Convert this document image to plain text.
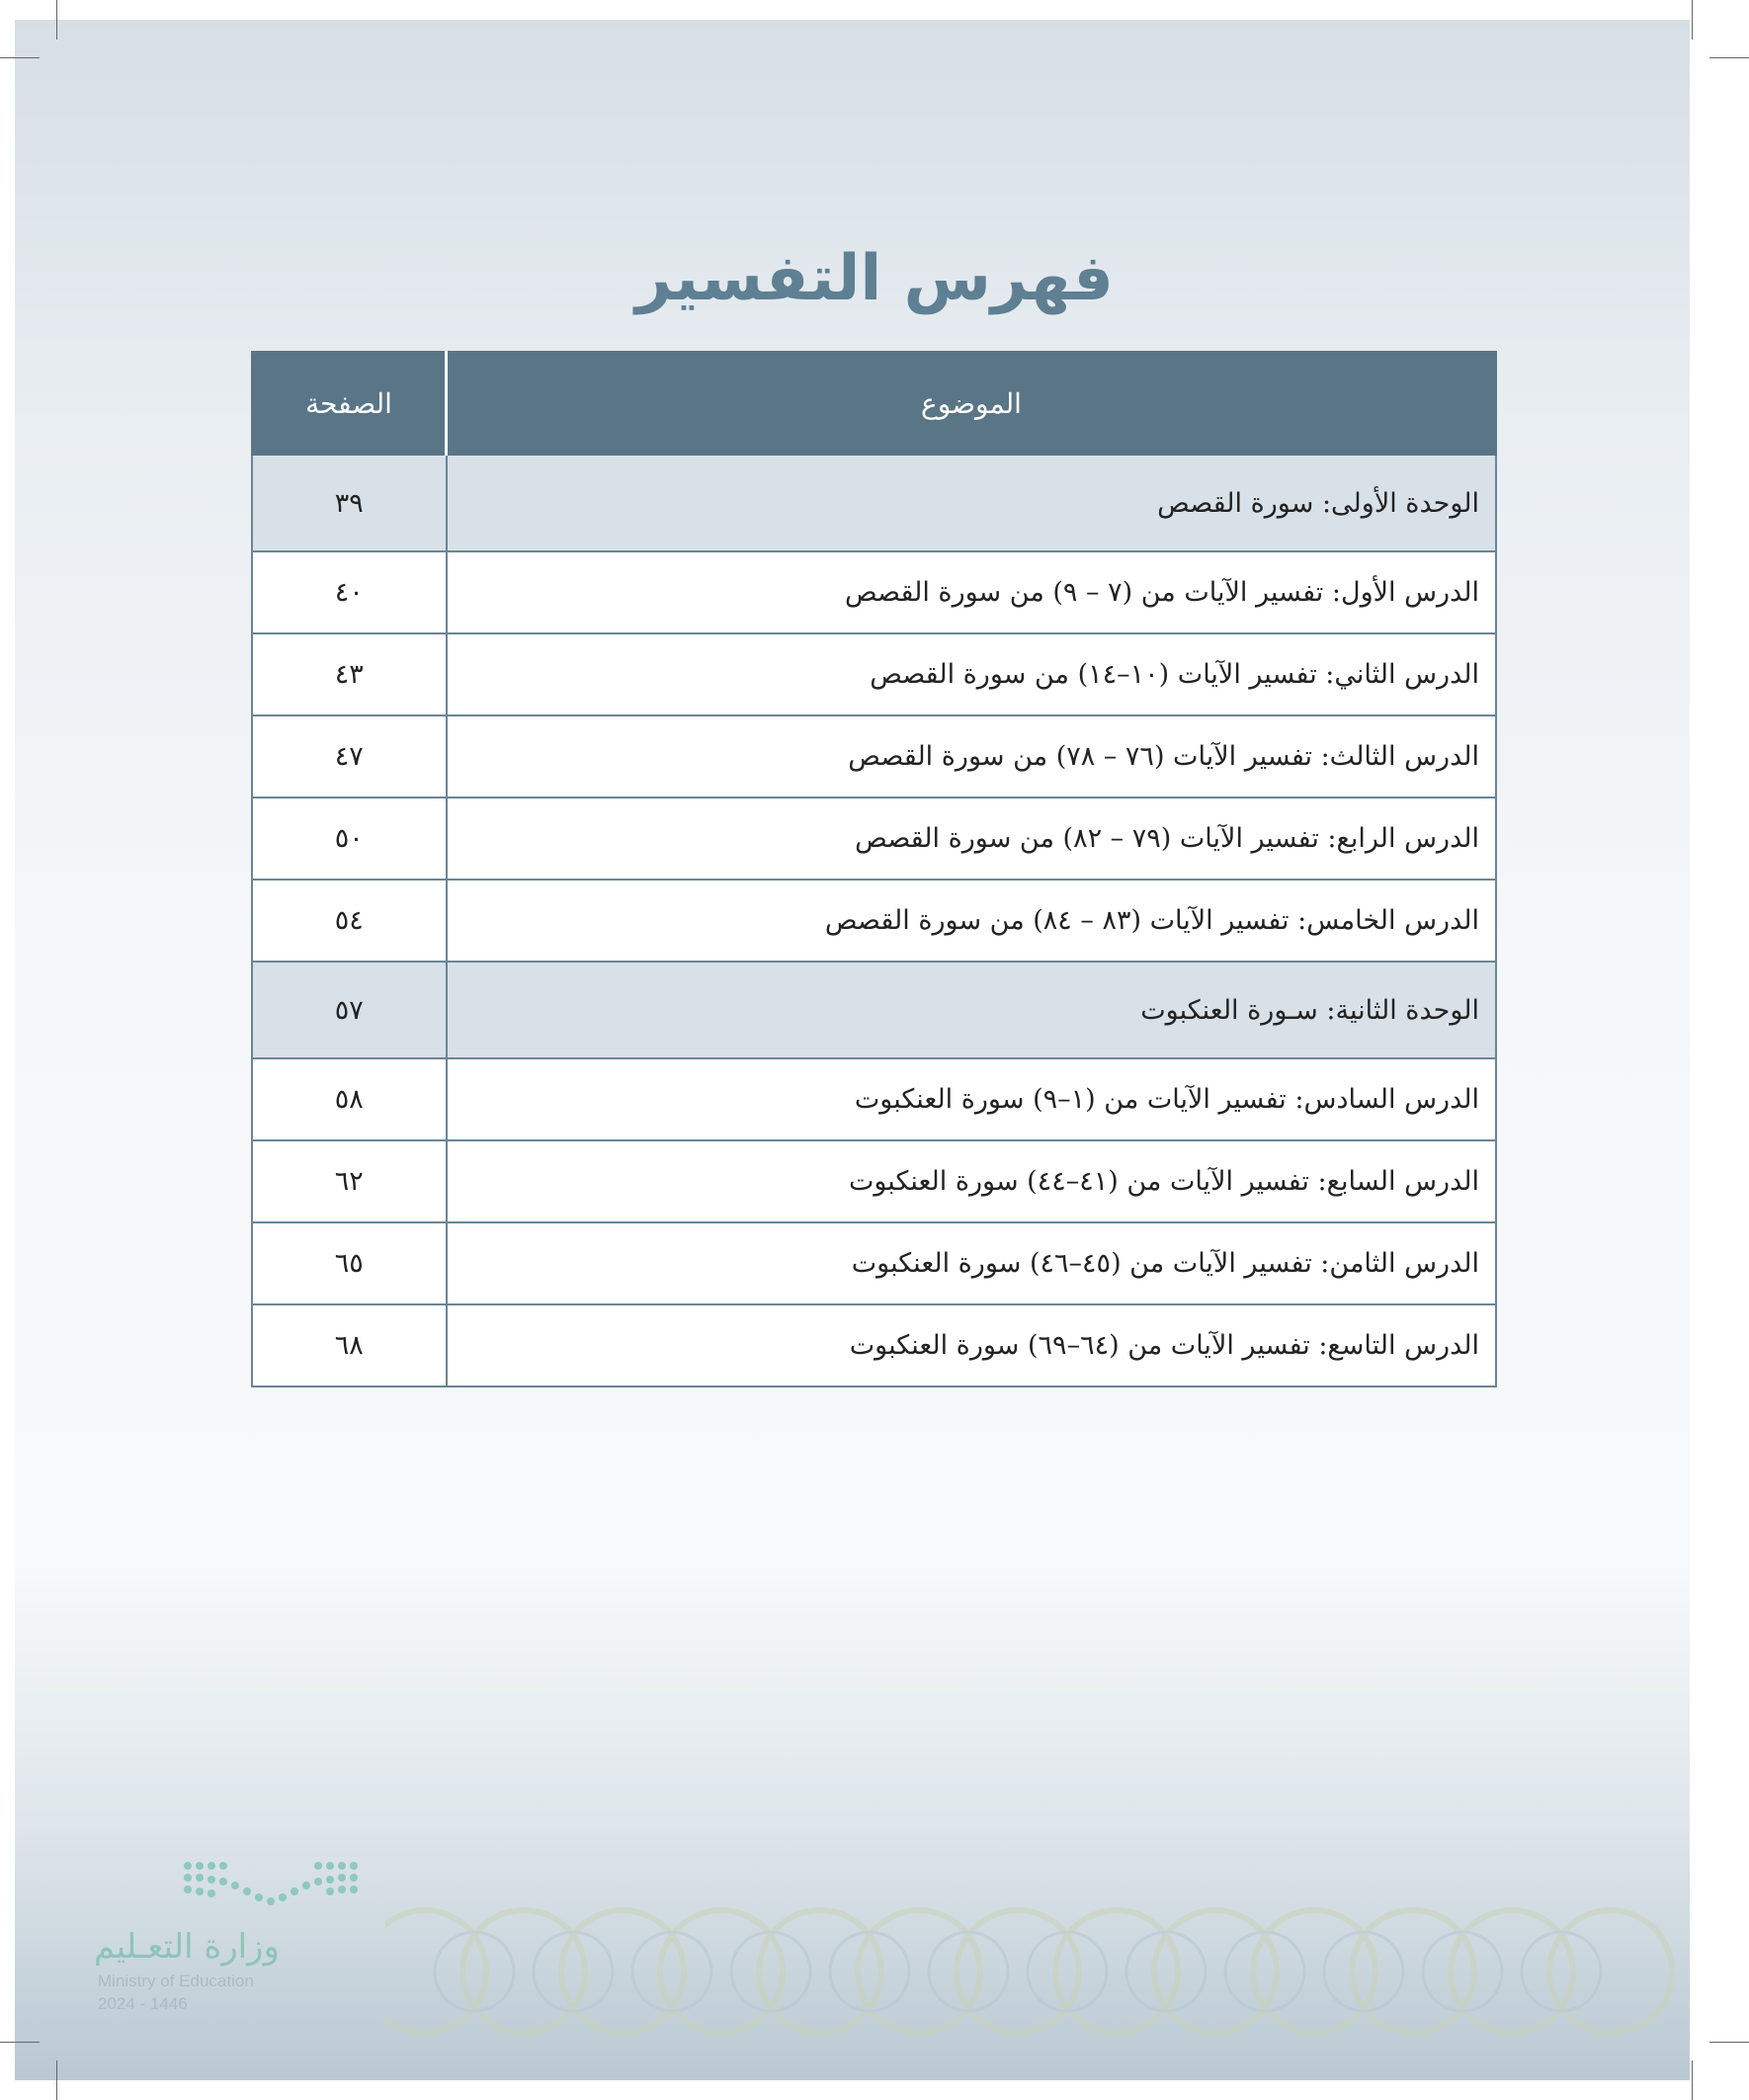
فهرس التفسير
الموضوع	الصفحة
الوحدة الأولى: سورة القصص	٣٩
الدرس الأول: تفسير الآيات من (٧ – ٩) من سورة القصص	٤٠
الدرس الثاني: تفسير الآيات (١٠–١٤) من سورة القصص	٤٣
الدرس الثالث: تفسير الآيات (٧٦ – ٧٨) من سورة القصص	٤٧
الدرس الرابع: تفسير الآيات (٧٩ – ٨٢) من سورة القصص	٥٠
الدرس الخامس: تفسير الآيات (٨٣ – ٨٤) من سورة القصص	٥٤
الوحدة الثانية: سـورة العنكبوت	٥٧
الدرس السادس: تفسير الآيات من (١–٩) سورة العنكبوت	٥٨
الدرس السابع: تفسير الآيات من (٤١–٤٤) سورة العنكبوت	٦٢
الدرس الثامن: تفسير الآيات من (٤٥–٤٦) سورة العنكبوت	٦٥
الدرس التاسع: تفسير الآيات من (٦٤–٦٩) سورة العنكبوت	٦٨
وزارة التعـليم
Ministry of Education
2024 - 1446
